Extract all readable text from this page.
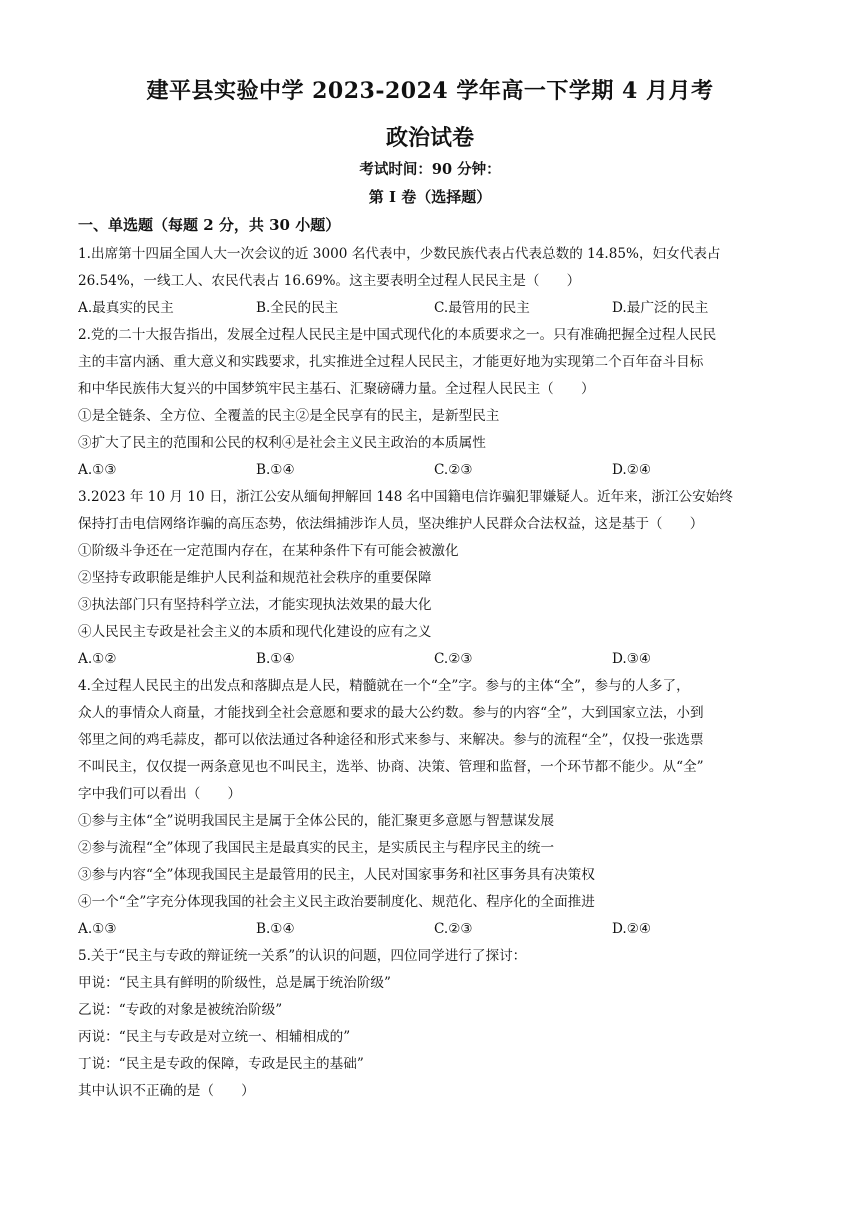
建平县实验中学 2023-2024 学年高一下学期 4 月月考
政治试卷
考试时间：90 分钟：
第 I 卷（选择题）
一、单选题（每题 2 分，共 30 小题）
1.出席第十四届全国人大一次会议的近 3000 名代表中，少数民族代表占代表总数的 14.85%，妇女代表占
26.54%，一线工人、农民代表占 16.69%。这主要表明全过程人民民主是（　　）
A.最真实的民主	B.全民的民主	C.最管用的民主	D.最广泛的民主
2.党的二十大报告指出，发展全过程人民民主是中国式现代化的本质要求之一。只有准确把握全过程人民民
主的丰富内涵、重大意义和实践要求，扎实推进全过程人民民主，才能更好地为实现第二个百年奋斗目标
和中华民族伟大复兴的中国梦筑牢民主基石、汇聚磅礴力量。全过程人民民主（　　）
①是全链条、全方位、全覆盖的民主②是全民享有的民主，是新型民主
③扩大了民主的范围和公民的权利④是社会主义民主政治的本质属性
A.①③	B.①④	C.②③	D.②④
3.2023 年 10 月 10 日，浙江公安从缅甸押解回 148 名中国籍电信诈骗犯罪嫌疑人。近年来，浙江公安始终
保持打击电信网络诈骗的高压态势，依法缉捕涉诈人员，坚决维护人民群众合法权益，这是基于（　　）
①阶级斗争还在一定范围内存在，在某种条件下有可能会被激化
②坚持专政职能是维护人民利益和规范社会秩序的重要保障
③执法部门只有坚持科学立法，才能实现执法效果的最大化
④人民民主专政是社会主义的本质和现代化建设的应有之义
A.①②	B.①④	C.②③	D.③④
4.全过程人民民主的出发点和落脚点是人民，精髓就在一个“全”字。参与的主体“全”，参与的人多了，
众人的事情众人商量，才能找到全社会意愿和要求的最大公约数。参与的内容“全”，大到国家立法，小到
邻里之间的鸡毛蒜皮，都可以依法通过各种途径和形式来参与、来解决。参与的流程“全”，仅投一张选票
不叫民主，仅仅提一两条意见也不叫民主，选举、协商、决策、管理和监督，一个环节都不能少。从“全”
字中我们可以看出（　　）
①参与主体“全”说明我国民主是属于全体公民的，能汇聚更多意愿与智慧谋发展
②参与流程“全”体现了我国民主是最真实的民主，是实质民主与程序民主的统一
③参与内容“全”体现我国民主是最管用的民主，人民对国家事务和社区事务具有决策权
④一个“全”字充分体现我国的社会主义民主政治要制度化、规范化、程序化的全面推进
A.①③	B.①④	C.②③	D.②④
5.关于“民主与专政的辩证统一关系”的认识的问题，四位同学进行了探讨：
甲说：“民主具有鲜明的阶级性，总是属于统治阶级”
乙说：“专政的对象是被统治阶级”
丙说：“民主与专政是对立统一、相辅相成的”
丁说：“民主是专政的保障，专政是民主的基础”
其中认识不正确的是（　　）
